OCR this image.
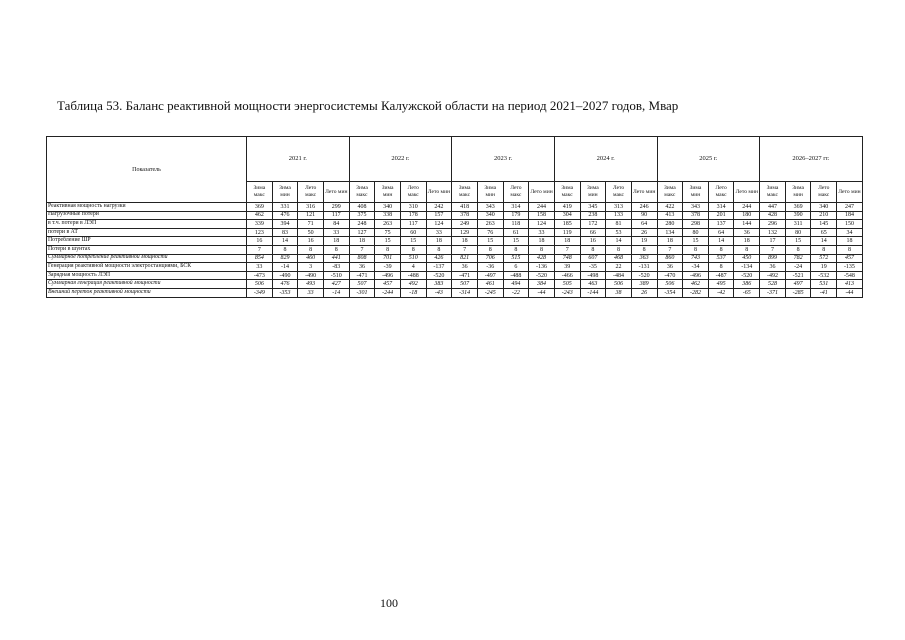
Таблица 53. Баланс реактивной мощности энергосистемы Калужской области на период 2021–2027 годов, Мвар
Показатель	2021 г.				2022 г.				2023 г.				2024 г.				2025 г.				2026–2027 гг.			
	Зима макс	Зима мин	Лето макс	Лето мин	Зима макс	Зима мин	Лето макс	Лето мин	Зима макс	Зима мин	Лето макс	Лето мин	Зима макс	Зима мин	Лето макс	Лето мин	Зима макс	Зима мин	Лето макс	Лето мин	Зима макс	Зима мин	Лето макс	Лето мин
Реактивная мощность нагрузки	369	331	316	299	408	340	310	242	418	343	314	244	419	345	313	246	422	343	314	244	447	369	340	247
Нагрузочные потери	462	476	121	117	375	338	178	157	378	340	179	158	304	238	133	90	413	378	201	180	428	390	210	184
в т.ч. потери в ЛЭП	339	394	71	84	248	263	117	124	249	263	118	124	185	172	81	64	280	298	137	144	296	311	145	150
потери в АТ	123	83	50	33	127	75	60	33	129	76	61	33	119	66	53	26	134	80	64	36	132	80	65	34
Потребление ШР	16	14	16	18	18	15	15	18	18	15	15	18	18	16	14	19	18	15	14	18	17	15	14	18
Потери в шунтах	7	8	8	8	7	8	8	8	7	8	8	8	7	8	8	8	7	8	8	8	7	8	8	8
Суммарное потребление реактивной мощности	854	829	460	441	808	701	510	426	821	706	515	428	748	607	468	363	860	743	537	450	899	782	572	457
Генерация реактивной мощности электростанциями, БСК	33	-14	3	-83	36	-39	4	-137	36	-36	6	-136	39	-35	22	-131	36	-34	8	-134	36	-24	19	-135
Зарядная мощность ЛЭП	-473	-490	-490	-510	-471	-496	-488	-520	-471	-497	-488	-520	-466	-498	-484	-520	-470	-496	-487	-520	-492	-521	-532	-548
Суммарная генерация реактивной мощности	506	476	493	427	507	457	492	383	507	461	494	384	505	463	506	389	506	462	495	386	528	497	531	413
Внешний переток реактивной мощности	-349	-353	33	-14	-301	-244	-18	-43	-314	-245	-22	-44	-243	-144	38	26	-354	-282	-42	-65	-371	-285	-41	-44
100
